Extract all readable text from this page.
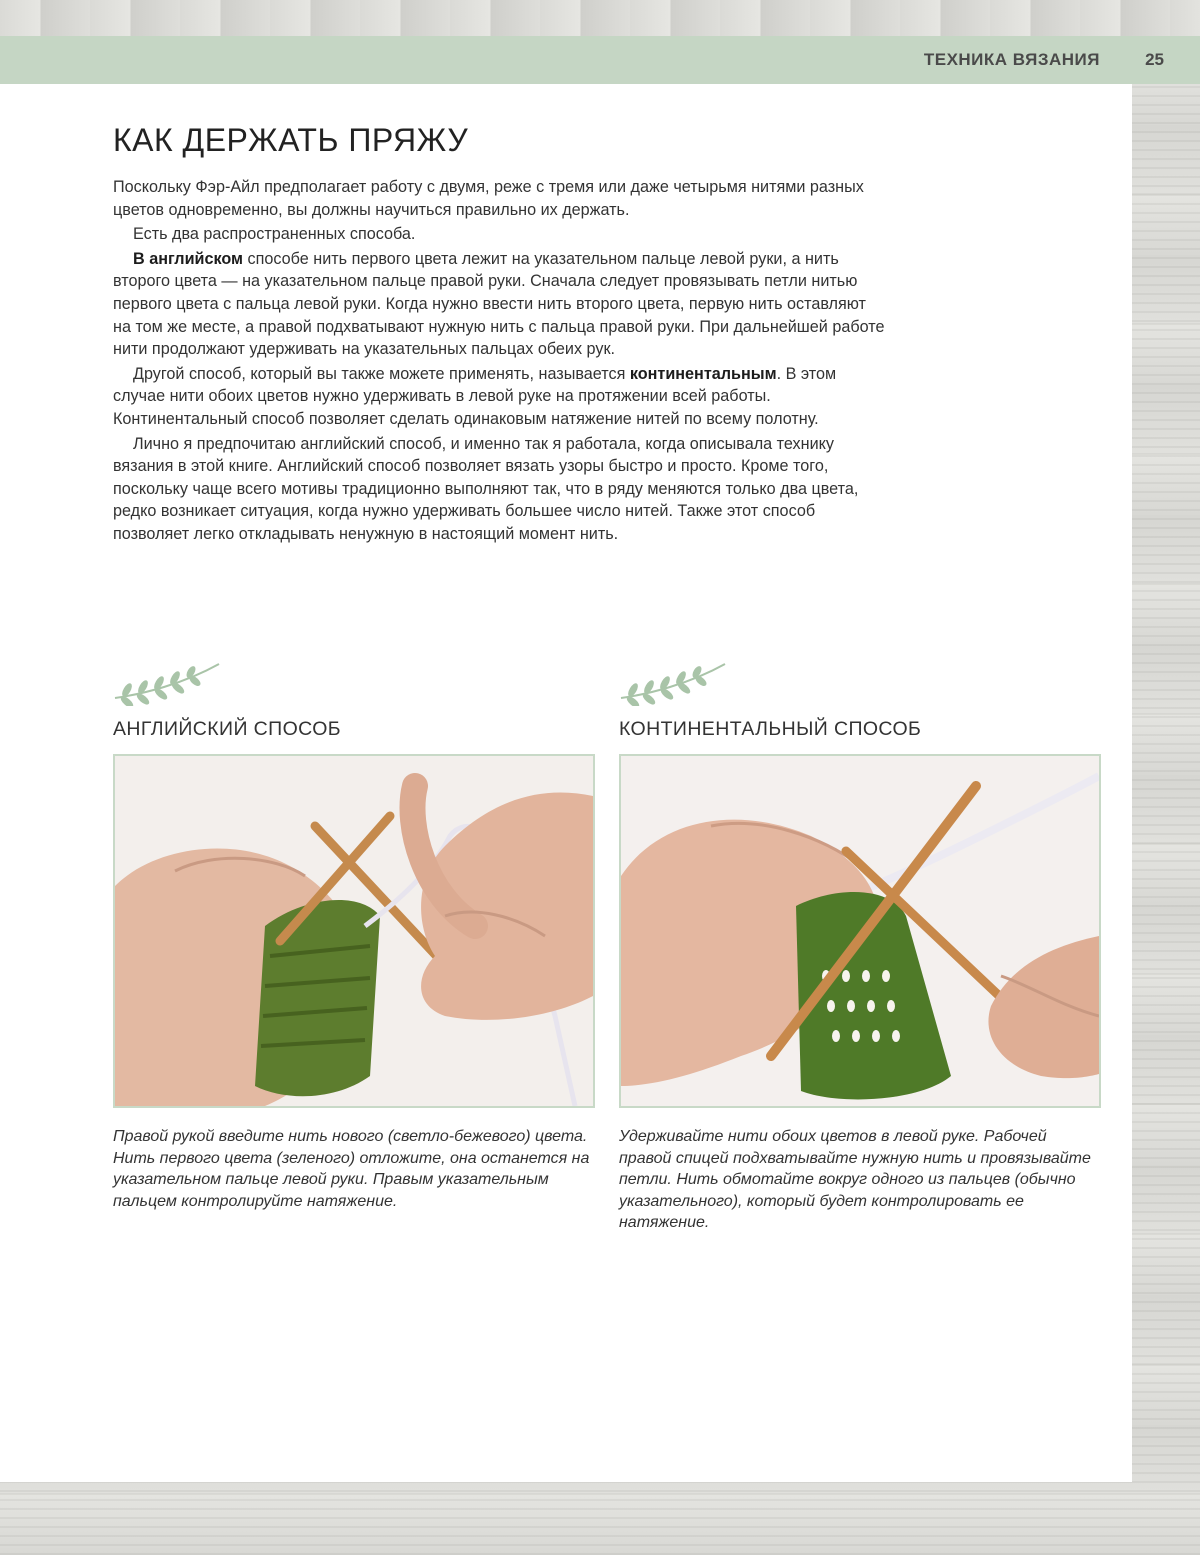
ТЕХНИКА ВЯЗАНИЯ	25
КАК ДЕРЖАТЬ ПРЯЖУ

Поскольку Фэр-Айл предполагает работу с двумя, реже с тремя или даже четырьмя нитями разных цветов одновременно, вы должны научиться правильно их держать.

Есть два распространенных способа.

В английском способе нить первого цвета лежит на указательном пальце левой руки, а нить второго цвета — на указательном пальце правой руки. Сначала следует провязывать петли нитью первого цвета с пальца левой руки. Когда нужно ввести нить второго цвета, первую нить оставляют на том же месте, а правой подхватывают нужную нить с пальца правой руки. При дальнейшей работе нити продолжают удерживать на указательных пальцах обеих рук.

Другой способ, который вы также можете применять, называется континентальным. В этом случае нити обоих цветов нужно удерживать в левой руке на протяжении всей работы. Континентальный способ позволяет сделать одинаковым натяжение нитей по всему полотну.

Лично я предпочитаю английский способ, и именно так я работала, когда описывала технику вязания в этой книге. Английский способ позволяет вязать узоры быстро и просто. Кроме того, поскольку чаще всего мотивы традиционно выполняют так, что в ряду меняются только два цвета, редко возникает ситуация, когда нужно удерживать большее число нитей. Также этот способ позволяет легко откладывать ненужную в настоящий момент нить.

АНГЛИЙСКИЙ СПОСОБ
Правой рукой введите нить нового (светло-бежевого) цвета. Нить первого цвета (зеленого) отложите, она останется на указательном пальце левой руки. Правым указательным пальцем контролируйте натяжение.
КОНТИНЕНТАЛЬНЫЙ СПОСОБ
Удерживайте нити обоих цветов в левой руке. Рабочей правой спицей подхватывайте нужную нить и провязывайте петли. Нить обмотайте вокруг одного из пальцев (обычно указательного), который будет контролировать ее натяжение.
